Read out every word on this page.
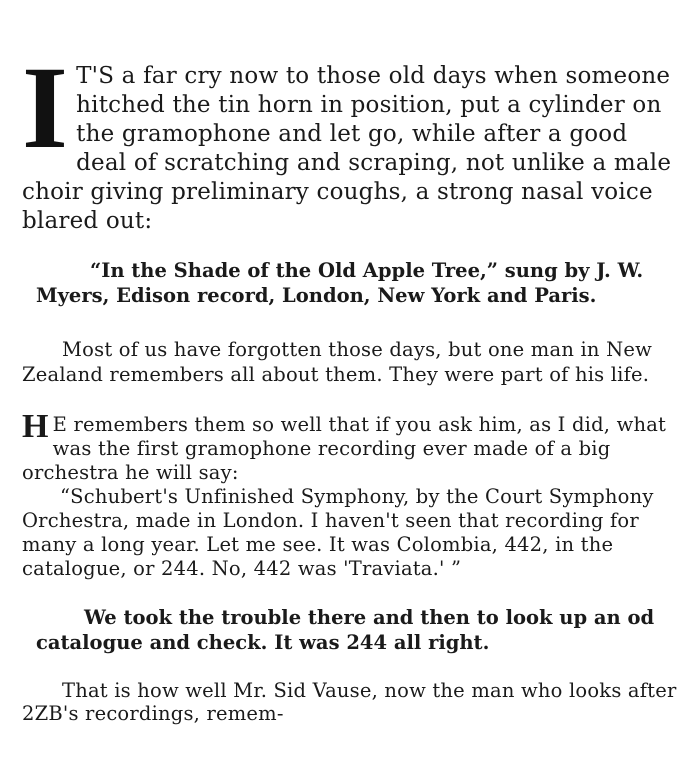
I T'S a far cry now to those old days when someone hitched the tin horn in position, put a cylinder on the gramophone and let go, while after a good deal of scratching and scraping, not unlike a male choir giving preliminary coughs, a strong nasal voice blared out:

“In the Shade of the Old Apple Tree,” sung by J. W. Myers, Edison record, London, New York and Paris.

Most of us have forgotten those days, but one man in New Zealand remembers all about them. They were part of his life.

H E remembers them so well that if you ask him, as I did, what was the first gramophone recording ever made of a big orchestra he will say:

“Schubert's Unfinished Symphony, by the Court Symphony Orchestra, made in London. I haven't seen that recording for many a long year. Let me see. It was Colombia, 442, in the catalogue, or 244. No, 442 was 'Traviata.' ”

We took the trouble there and then to look up an od catalogue and check. It was 244 all right.

That is how well Mr. Sid Vause, now the man who looks after 2ZB's recordings, remem-
